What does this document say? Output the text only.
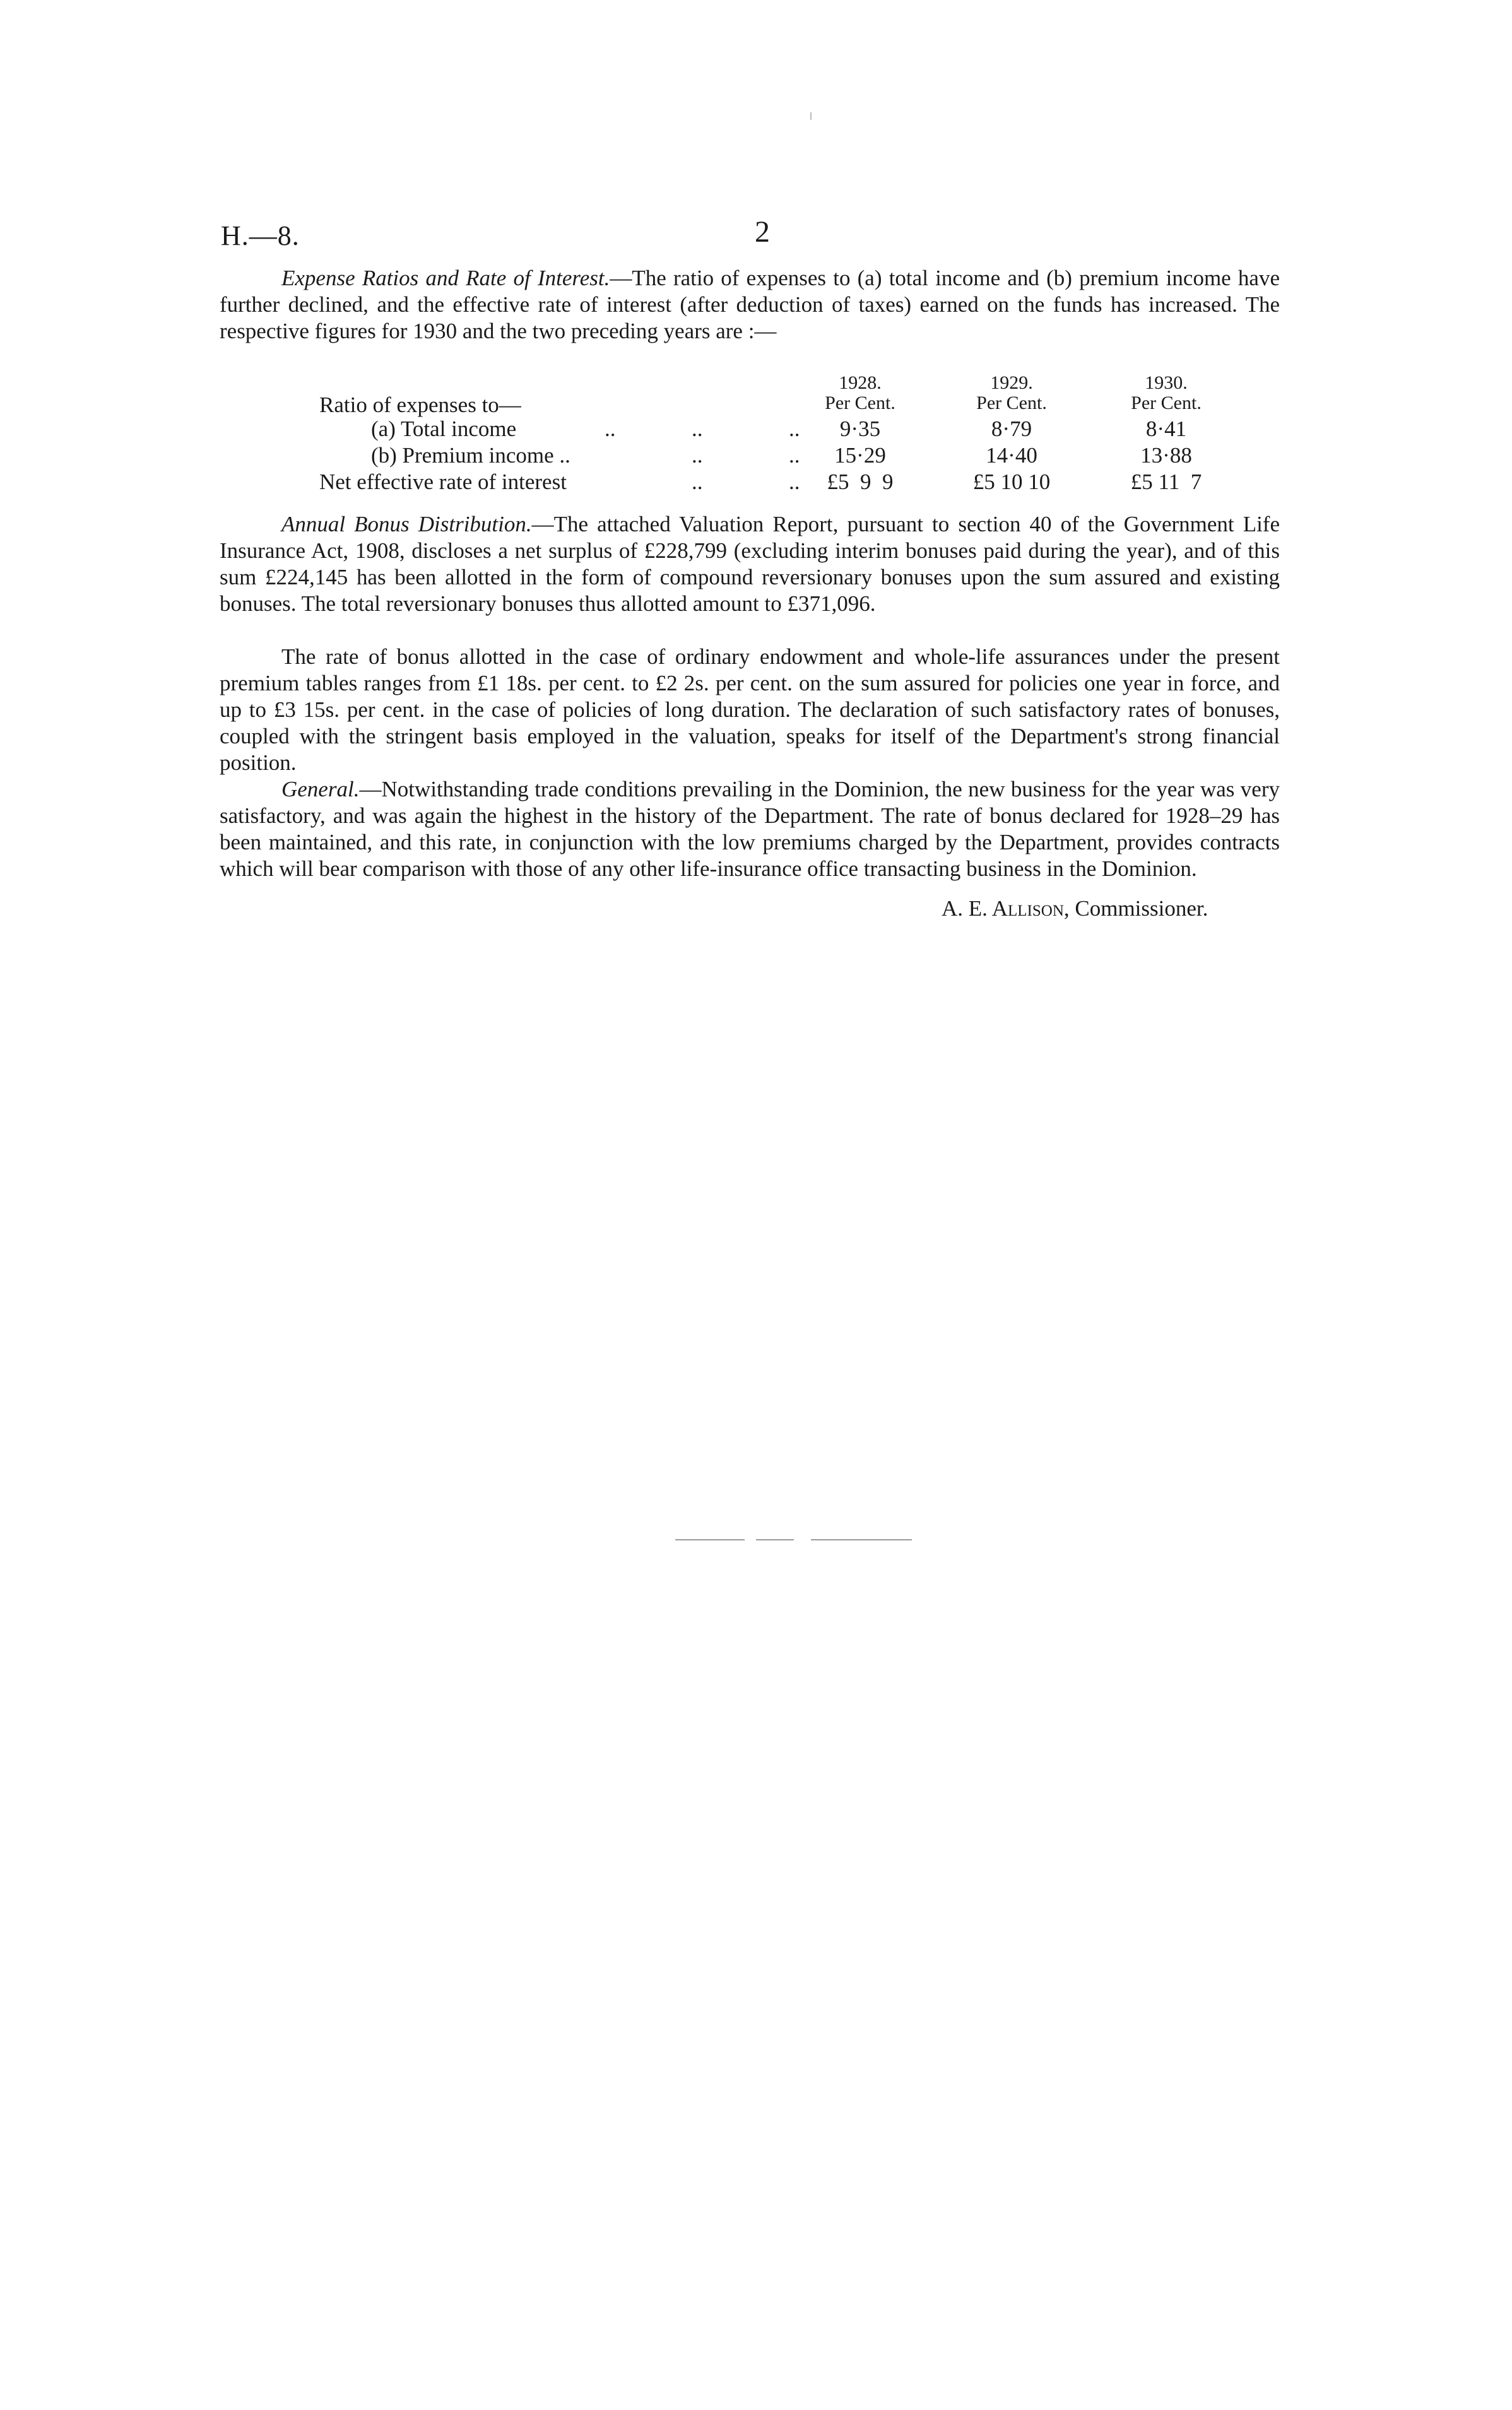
H.—8.	2
Expense Ratios and Rate of Interest.—The ratio of expenses to (a) total income and (b) premium income have further declined, and the effective rate of interest (after deduction of taxes) earned on the funds has increased. The respective figures for 1930 and the two preceding years are :—
1928.	1929.	1930.
Ratio of expenses to—	Per Cent.	Per Cent.	Per Cent.
(a) Total income	..	..	..	9·35	8·79	8·41
(b) Premium income ..	..	..	15·29	14·40	13·88
Net effective rate of interest	..	..	£5  9  9	£5 10 10	£5 11  7
Annual Bonus Distribution.—The attached Valuation Report, pursuant to section 40 of the Government Life Insurance Act, 1908, discloses a net surplus of £228,799 (excluding interim bonuses paid during the year), and of this sum £224,145 has been allotted in the form of compound reversionary bonuses upon the sum assured and existing bonuses. The total reversionary bonuses thus allotted amount to £371,096.
The rate of bonus allotted in the case of ordinary endowment and whole-life assurances under the present premium tables ranges from £1 18s. per cent. to £2 2s. per cent. on the sum assured for policies one year in force, and up to £3 15s. per cent. in the case of policies of long duration. The declaration of such satisfactory rates of bonuses, coupled with the stringent basis employed in the valuation, speaks for itself of the Department's strong financial position.
General.—Notwithstanding trade conditions prevailing in the Dominion, the new business for the year was very satisfactory, and was again the highest in the history of the Department. The rate of bonus declared for 1928–29 has been maintained, and this rate, in conjunction with the low premiums charged by the Department, provides contracts which will bear comparison with those of any other life-insurance office transacting business in the Dominion.
A. E. Allison, Commissioner.
